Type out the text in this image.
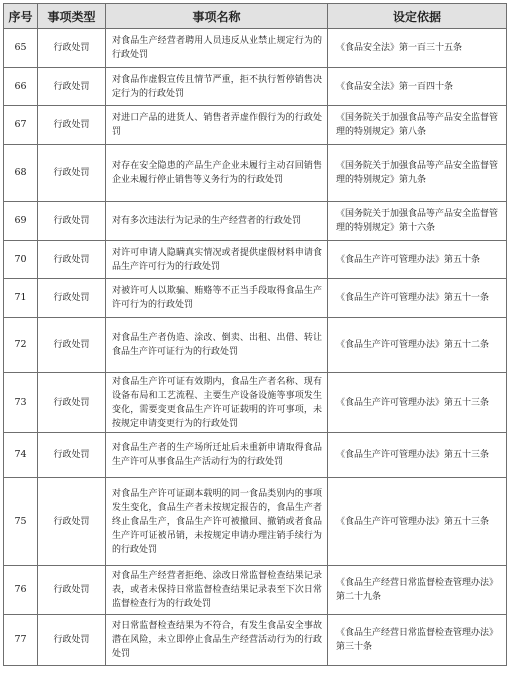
序号	事项类型	事项名称	设定依据
65	行政处罚	对食品生产经营者聘用人员违反从业禁止规定行为的行政处罚	《食品安全法》第一百三十五条
66	行政处罚	对食品作虚假宣传且情节严重，拒不执行暂停销售决定行为的行政处罚	《食品安全法》第一百四十条
67	行政处罚	对进口产品的进货人、销售者弄虚作假行为的行政处罚	《国务院关于加强食品等产品安全监督管理的特别规定》第八条
68	行政处罚	对存在安全隐患的产品生产企业未履行主动召回销售企业未履行停止销售等义务行为的行政处罚	《国务院关于加强食品等产品安全监督管理的特别规定》第九条
69	行政处罚	对有多次违法行为记录的生产经营者的行政处罚	《国务院关于加强食品等产品安全监督管理的特别规定》第十六条
70	行政处罚	对许可申请人隐瞒真实情况或者提供虚假材料申请食品生产许可行为的行政处罚	《食品生产许可管理办法》第五十条
71	行政处罚	对被许可人以欺骗、贿赂等不正当手段取得食品生产许可行为的行政处罚	《食品生产许可管理办法》第五十一条
72	行政处罚	对食品生产者伪造、涂改、倒卖、出租、出借、转让食品生产许可证行为的行政处罚	《食品生产许可管理办法》第五十二条
73	行政处罚	对食品生产许可证有效期内，食品生产者名称、现有设备布局和工艺流程、主要生产设备设施等事项发生变化，需要变更食品生产许可证载明的许可事项，未按规定申请变更行为的行政处罚	《食品生产许可管理办法》第五十三条
74	行政处罚	对食品生产者的生产场所迁址后未重新申请取得食品生产许可从事食品生产活动行为的行政处罚	《食品生产许可管理办法》第五十三条
75	行政处罚	对食品生产许可证副本载明的同一食品类别内的事项发生变化，食品生产者未按规定报告的，食品生产者终止食品生产，食品生产许可被撤回、撤销或者食品生产许可证被吊销，未按规定申请办理注销手续行为的行政处罚	《食品生产许可管理办法》第五十三条
76	行政处罚	对食品生产经营者拒绝、涂改日常监督检查结果记录表，或者未保持日常监督检查结果记录表至下次日常监督检查行为的行政处罚	《食品生产经营日常监督检查管理办法》第二十九条
77	行政处罚	对日常监督检查结果为不符合，有发生食品安全事故潜在风险，未立即停止食品生产经营活动行为的行政处罚	《食品生产经营日常监督检查管理办法》第三十条
